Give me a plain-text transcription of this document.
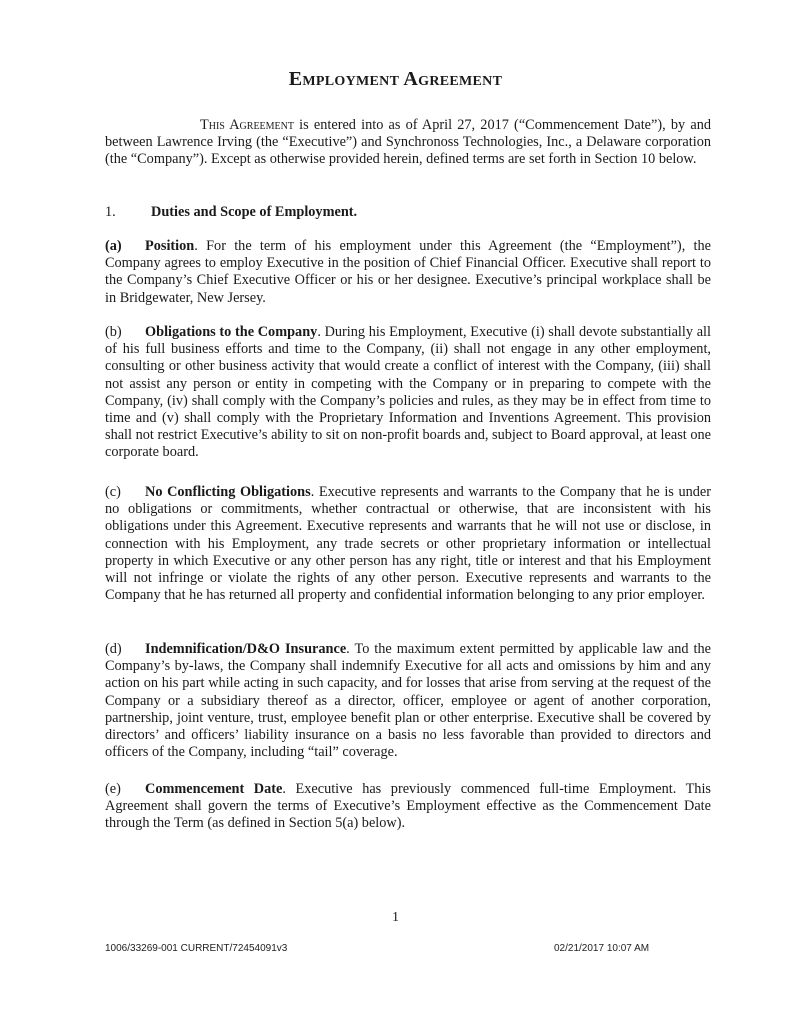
Employment Agreement
This Agreement is entered into as of April 27, 2017 (“Commencement Date”), by and between Lawrence Irving (the “Executive”) and Synchronoss Technologies, Inc., a Delaware corporation (the “Company”). Except as otherwise provided herein, defined terms are set forth in Section 10 below.
1. Duties and Scope of Employment.
(a) Position. For the term of his employment under this Agreement (the “Employment”), the Company agrees to employ Executive in the position of Chief Financial Officer. Executive shall report to the Company’s Chief Executive Officer or his or her designee. Executive’s principal workplace shall be in Bridgewater, New Jersey.
(b) Obligations to the Company. During his Employment, Executive (i) shall devote substantially all of his full business efforts and time to the Company, (ii) shall not engage in any other employment, consulting or other business activity that would create a conflict of interest with the Company, (iii) shall not assist any person or entity in competing with the Company or in preparing to compete with the Company, (iv) shall comply with the Company’s policies and rules, as they may be in effect from time to time and (v) shall comply with the Proprietary Information and Inventions Agreement. This provision shall not restrict Executive’s ability to sit on non-profit boards and, subject to Board approval, at least one corporate board.
(c) No Conflicting Obligations. Executive represents and warrants to the Company that he is under no obligations or commitments, whether contractual or otherwise, that are inconsistent with his obligations under this Agreement. Executive represents and warrants that he will not use or disclose, in connection with his Employment, any trade secrets or other proprietary information or intellectual property in which Executive or any other person has any right, title or interest and that his Employment will not infringe or violate the rights of any other person. Executive represents and warrants to the Company that he has returned all property and confidential information belonging to any prior employer.
(d) Indemnification/D&O Insurance. To the maximum extent permitted by applicable law and the Company’s by-laws, the Company shall indemnify Executive for all acts and omissions by him and any action on his part while acting in such capacity, and for losses that arise from serving at the request of the Company or a subsidiary thereof as a director, officer, employee or agent of another corporation, partnership, joint venture, trust, employee benefit plan or other enterprise. Executive shall be covered by directors’ and officers’ liability insurance on a basis no less favorable than provided to directors and officers of the Company, including “tail” coverage.
(e) Commencement Date. Executive has previously commenced full-time Employment. This Agreement shall govern the terms of Executive’s Employment effective as the Commencement Date through the Term (as defined in Section 5(a) below).
1
1006/33269-001 CURRENT/72454091v3	02/21/2017 10:07 AM
